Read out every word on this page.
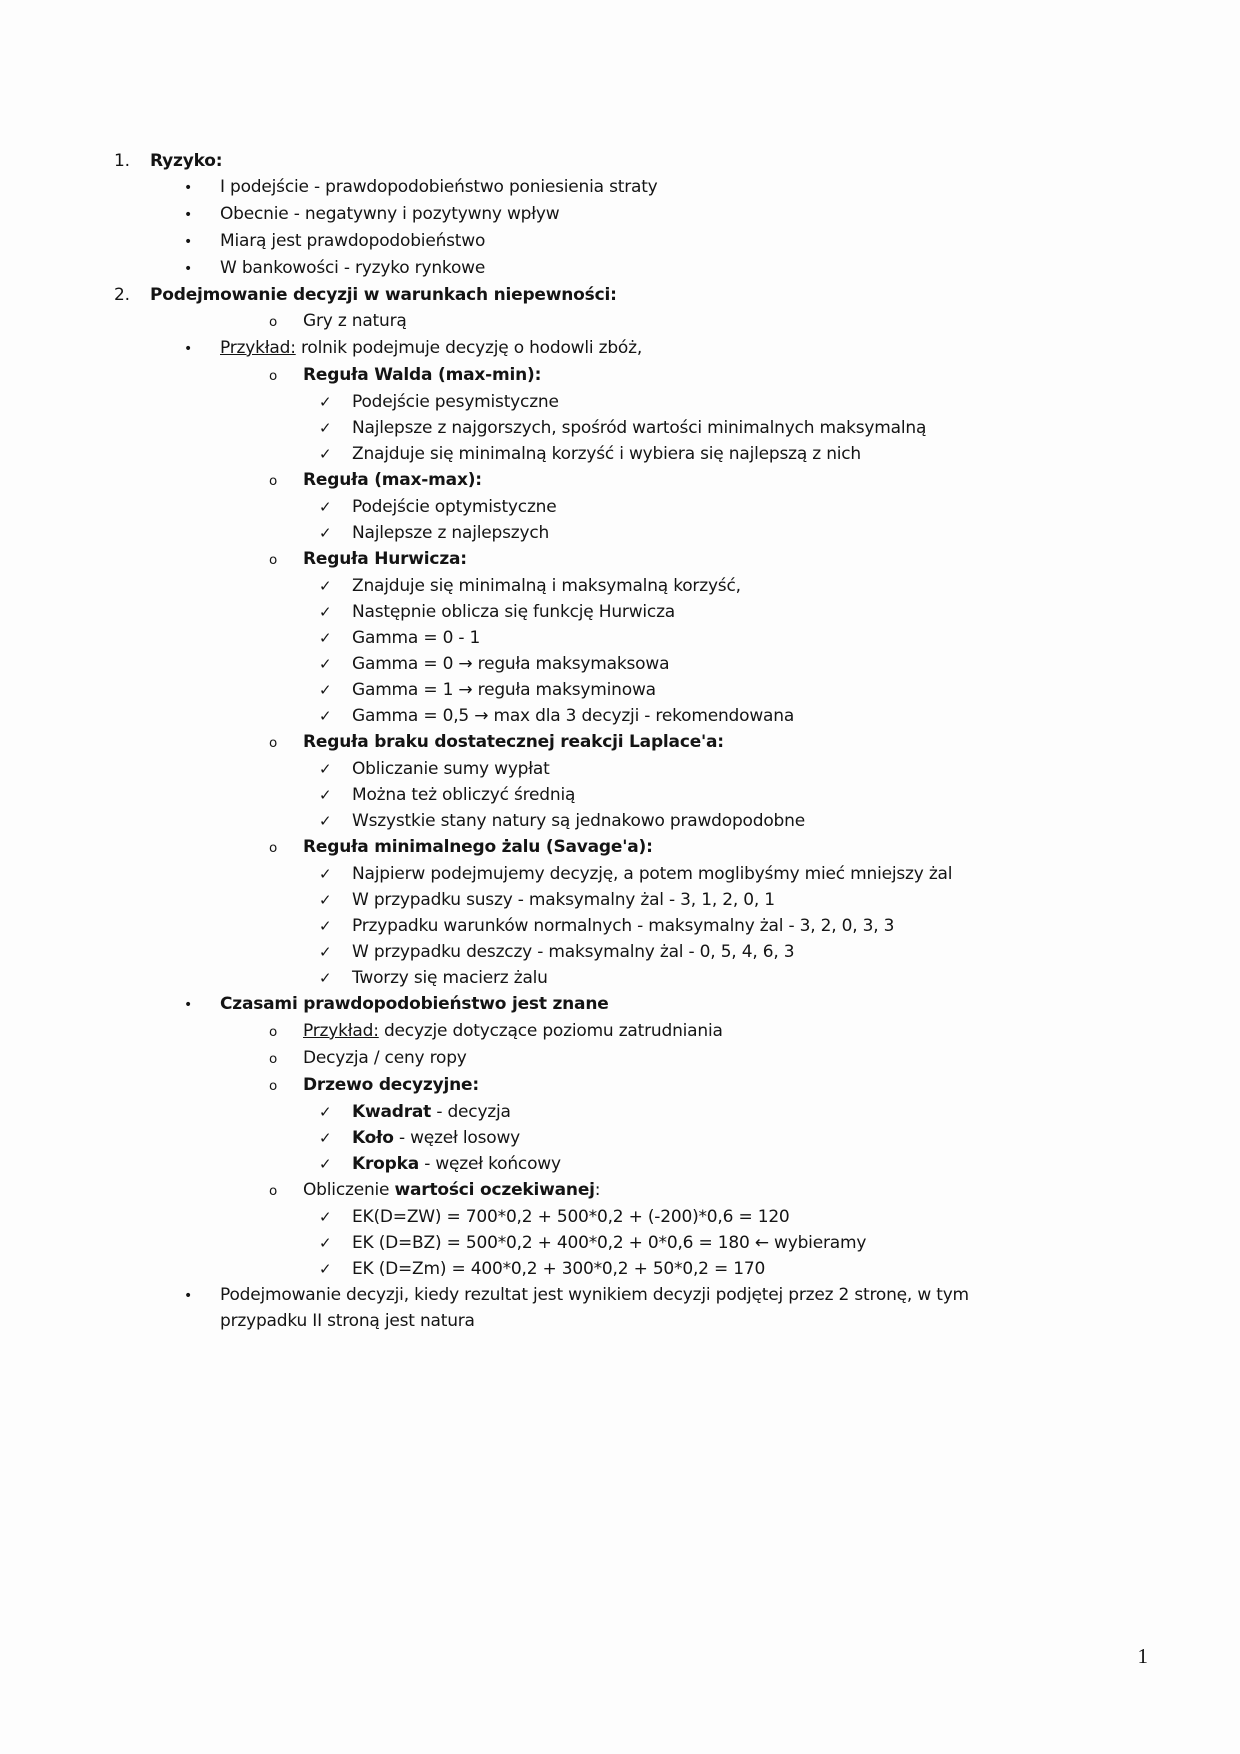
1.	Ryzyko:
•	I podejście - prawdopodobieństwo poniesienia straty
•	Obecnie - negatywny i pozytywny wpływ
•	Miarą jest prawdopodobieństwo
•	W bankowości - ryzyko rynkowe
2.	Podejmowanie decyzji w warunkach niepewności:
o	Gry z naturą
•	Przykład: rolnik podejmuje decyzję o hodowli zbóż,
o	Reguła Walda (max-min):
✓	Podejście pesymistyczne
✓	Najlepsze z najgorszych, spośród wartości minimalnych maksymalną
✓	Znajduje się minimalną korzyść i wybiera się najlepszą z nich
o	Reguła (max-max):
✓	Podejście optymistyczne
✓	Najlepsze z najlepszych
o	Reguła Hurwicza:
✓	Znajduje się minimalną i maksymalną korzyść,
✓	Następnie oblicza się funkcję Hurwicza
✓	Gamma = 0 - 1
✓	Gamma = 0 → reguła maksymaksowa
✓	Gamma = 1 → reguła maksyminowa
✓	Gamma = 0,5 → max dla 3 decyzji - rekomendowana
o	Reguła braku dostatecznej reakcji Laplace'a:
✓	Obliczanie sumy wypłat
✓	Można też obliczyć średnią
✓	Wszystkie stany natury są jednakowo prawdopodobne
o	Reguła minimalnego żalu (Savage'a):
✓	Najpierw podejmujemy decyzję, a potem moglibyśmy mieć mniejszy żal
✓	W przypadku suszy - maksymalny żal - 3, 1, 2, 0, 1
✓	Przypadku warunków normalnych - maksymalny żal - 3, 2, 0, 3, 3
✓	W przypadku deszczy - maksymalny żal - 0, 5, 4, 6, 3
✓	Tworzy się macierz żalu
•	Czasami prawdopodobieństwo jest znane
o	Przykład: decyzje dotyczące poziomu zatrudniania
o	Decyzja / ceny ropy
o	Drzewo decyzyjne:
✓	Kwadrat - decyzja
✓	Koło - węzeł losowy
✓	Kropka - węzeł końcowy
o	Obliczenie wartości oczekiwanej:
✓	EK(D=ZW) = 700*0,2 + 500*0,2 + (-200)*0,6 = 120
✓	EK (D=BZ) = 500*0,2 + 400*0,2 + 0*0,6 = 180 ← wybieramy
✓	EK (D=Zm) = 400*0,2 + 300*0,2 + 50*0,2 = 170
•	Podejmowanie decyzji, kiedy rezultat jest wynikiem decyzji podjętej przez 2 stronę, w tym przypadku II stroną jest natura
1
